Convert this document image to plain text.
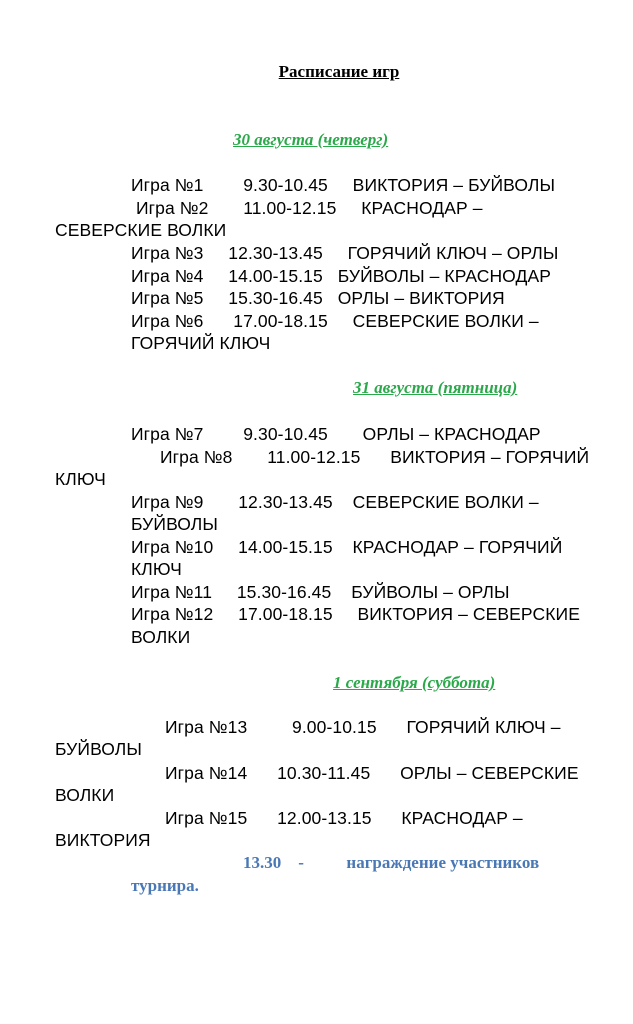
Расписание игр
30 августа (четверг)
Игра №1        9.30-10.45     ВИКТОРИЯ – БУЙВОЛЫ
Игра №2       11.00-12.15     КРАСНОДАР –
СЕВЕРСКИЕ ВОЛКИ
Игра №3     12.30-13.45     ГОРЯЧИЙ КЛЮЧ – ОРЛЫ
Игра №4     14.00-15.15   БУЙВОЛЫ – КРАСНОДАР
Игра №5     15.30-16.45   ОРЛЫ – ВИКТОРИЯ
Игра №6      17.00-18.15     СЕВЕРСКИЕ ВОЛКИ –
ГОРЯЧИЙ КЛЮЧ
31 августа (пятница)
Игра №7        9.30-10.45       ОРЛЫ – КРАСНОДАР
Игра №8       11.00-12.15      ВИКТОРИЯ – ГОРЯЧИЙ
КЛЮЧ
Игра №9       12.30-13.45    СЕВЕРСКИЕ ВОЛКИ –
БУЙВОЛЫ
Игра №10     14.00-15.15    КРАСНОДАР – ГОРЯЧИЙ
КЛЮЧ
Игра №11     15.30-16.45    БУЙВОЛЫ – ОРЛЫ
Игра №12     17.00-18.15     ВИКТОРИЯ – СЕВЕРСКИЕ
ВОЛКИ
1 сентября (суббота)
Игра №13         9.00-10.15      ГОРЯЧИЙ КЛЮЧ –
БУЙВОЛЫ
Игра №14      10.30-11.45      ОРЛЫ – СЕВЕРСКИЕ
ВОЛКИ
Игра №15      12.00-13.15      КРАСНОДАР –
ВИКТОРИЯ
13.30    -          награждение участников
турнира.
